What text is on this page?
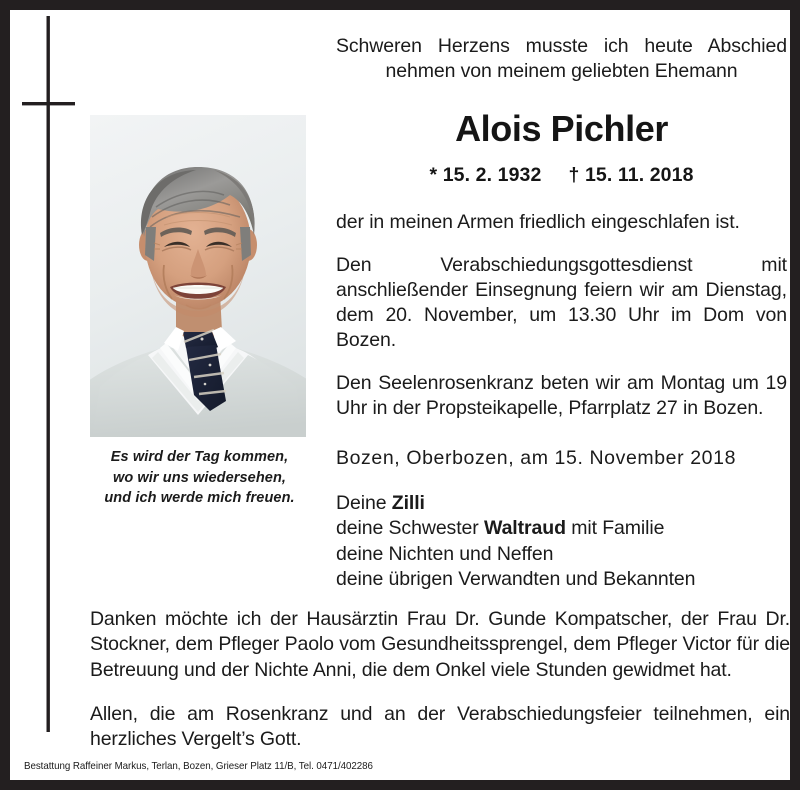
Es wird der Tag kommen,
wo wir uns wiedersehen,
und ich werde mich freuen.
Schweren Herzens musste ich heute Abschied nehmen von meinem geliebten Ehemann
Alois Pichler
* 15. 2. 1932 † 15. 11. 2018
der in meinen Armen friedlich eingeschlafen ist.
Den Verabschiedungsgottesdienst mit anschließender Einsegnung feiern wir am Dienstag, dem 20. November, um 13.30 Uhr im Dom von Bozen.
Den Seelenrosenkranz beten wir am Montag um 19 Uhr in der Propsteikapelle, Pfarrplatz 27 in Bozen.
Bozen, Oberbozen, am 15. November 2018
Deine Zilli
deine Schwester Waltraud mit Familie
deine Nichten und Neffen
deine übrigen Verwandten und Bekannten
Danken möchte ich der Hausärztin Frau Dr. Gunde Kompatscher, der Frau Dr. Stockner, dem Pfleger Paolo vom Gesundheitssprengel, dem Pfleger Victor für die Betreuung und der Nichte Anni, die dem Onkel viele Stunden gewidmet hat.
Allen, die am Rosenkranz und an der Verabschiedungsfeier teilnehmen, ein herzliches Vergelt’s Gott.
Bestattung Raffeiner Markus, Terlan, Bozen, Grieser Platz 11/B, Tel. 0471/402286
